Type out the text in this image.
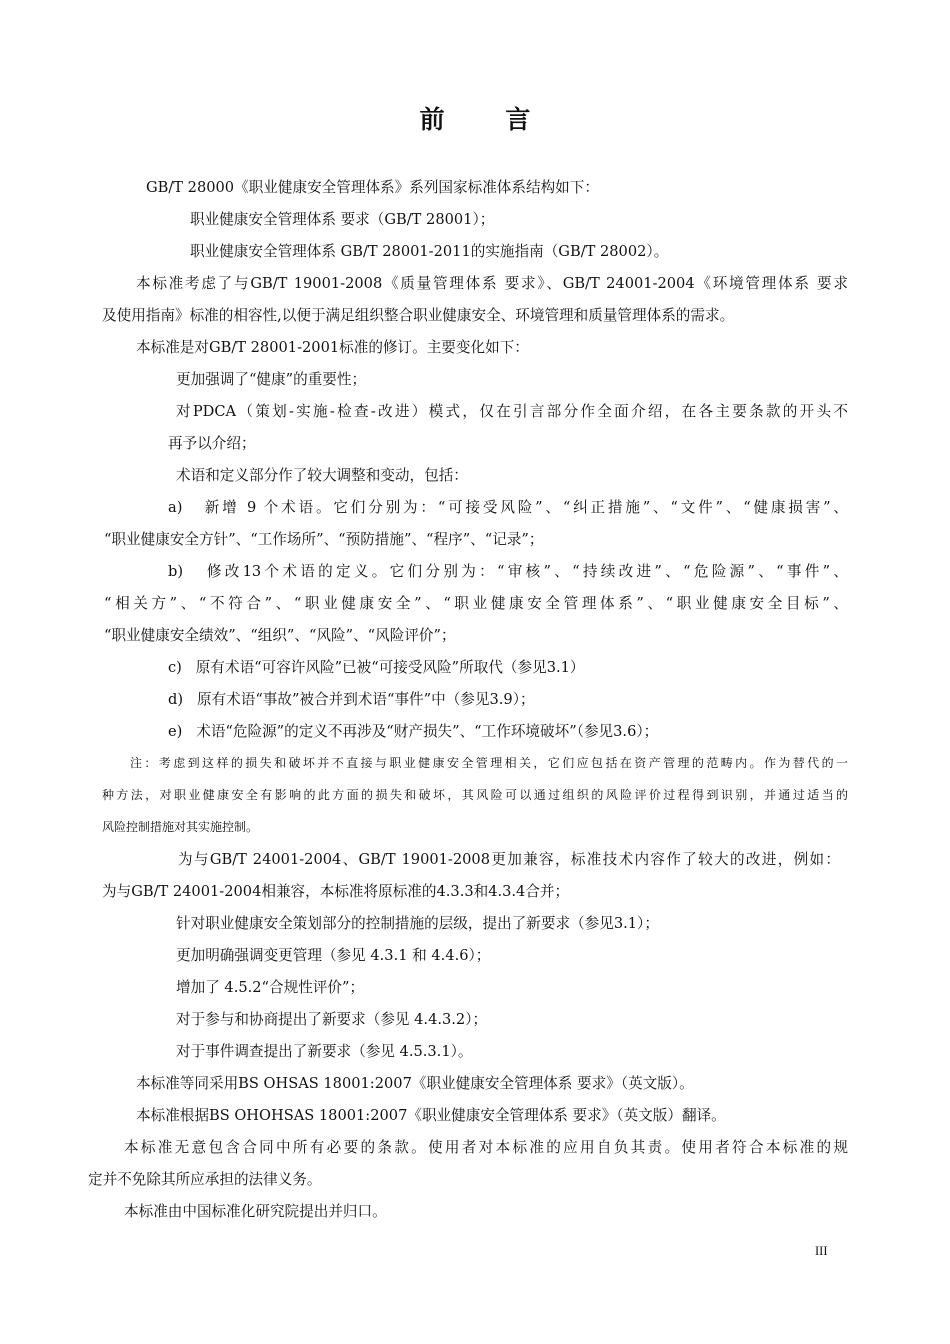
前 言
GB/T 28000《职业健康安全管理体系》系列国家标准体系结构如下：
职业健康安全管理体系 要求（GB/T 28001）；
职业健康安全管理体系 GB/T 28001-2011的实施指南（GB/T 28002）。
本标准考虑了与GB/T 19001-2008《质量管理体系 要求》、GB/T 24001-2004《环境管理体系 要求
及使用指南》标准的相容性,以便于满足组织整合职业健康安全、环境管理和质量管理体系的需求。
本标准是对GB/T 28001-2001标准的修订。主要变化如下：
更加强调了“健康”的重要性；
对PDCA（策划-实施-检查-改进）模式，仅在引言部分作全面介绍，在各主要条款的开头不
再予以介绍；
术语和定义部分作了较大调整和变动，包括：
a)   新增 9 个术语。它们分别为：“可接受风险”、“纠正措施”、“文件”、“健康损害”、
“职业健康安全方针”、“工作场所”、“预防措施”、“程序”、“记录”；
b)   修改13个术语的定义。它们分别为：“审核”、“持续改进”、“危险源”、“事件”、
“相关方”、“不符合”、“职业健康安全”、“职业健康安全管理体系”、“职业健康安全目标”、
“职业健康安全绩效”、“组织”、“风险”、“风险评价”；
c)   原有术语“可容许风险”已被“可接受风险”所取代（参见3.1）
d)   原有术语“事故”被合并到术语“事件”中（参见3.9）；
e)   术语“危险源”的定义不再涉及“财产损失”、“工作环境破坏”（参见3.6）；
注：考虑到这样的损失和破坏并不直接与职业健康安全管理相关，它们应包括在资产管理的范畴内。作为替代的一
种方法，对职业健康安全有影响的此方面的损失和破坏，其风险可以通过组织的风险评价过程得到识别，并通过适当的
风险控制措施对其实施控制。
为与GB/T 24001-2004、GB/T 19001-2008更加兼容，标准技术内容作了较大的改进，例如：
为与GB/T 24001-2004相兼容，本标准将原标准的4.3.3和4.3.4合并；
针对职业健康安全策划部分的控制措施的层级，提出了新要求（参见3.1）；
更加明确强调变更管理（参见 4.3.1 和 4.4.6）；
增加了 4.5.2“合规性评价”；
对于参与和协商提出了新要求（参见 4.4.3.2）；
对于事件调查提出了新要求（参见 4.5.3.1）。
本标准等同采用BS OHSAS 18001:2007《职业健康安全管理体系 要求》（英文版）。
本标准根据BS OHOHSAS 18001:2007《职业健康安全管理体系 要求》（英文版）翻译。
本标准无意包含合同中所有必要的条款。使用者对本标准的应用自负其责。使用者符合本标准的规
定并不免除其所应承担的法律义务。
本标准由中国标准化研究院提出并归口。
III
